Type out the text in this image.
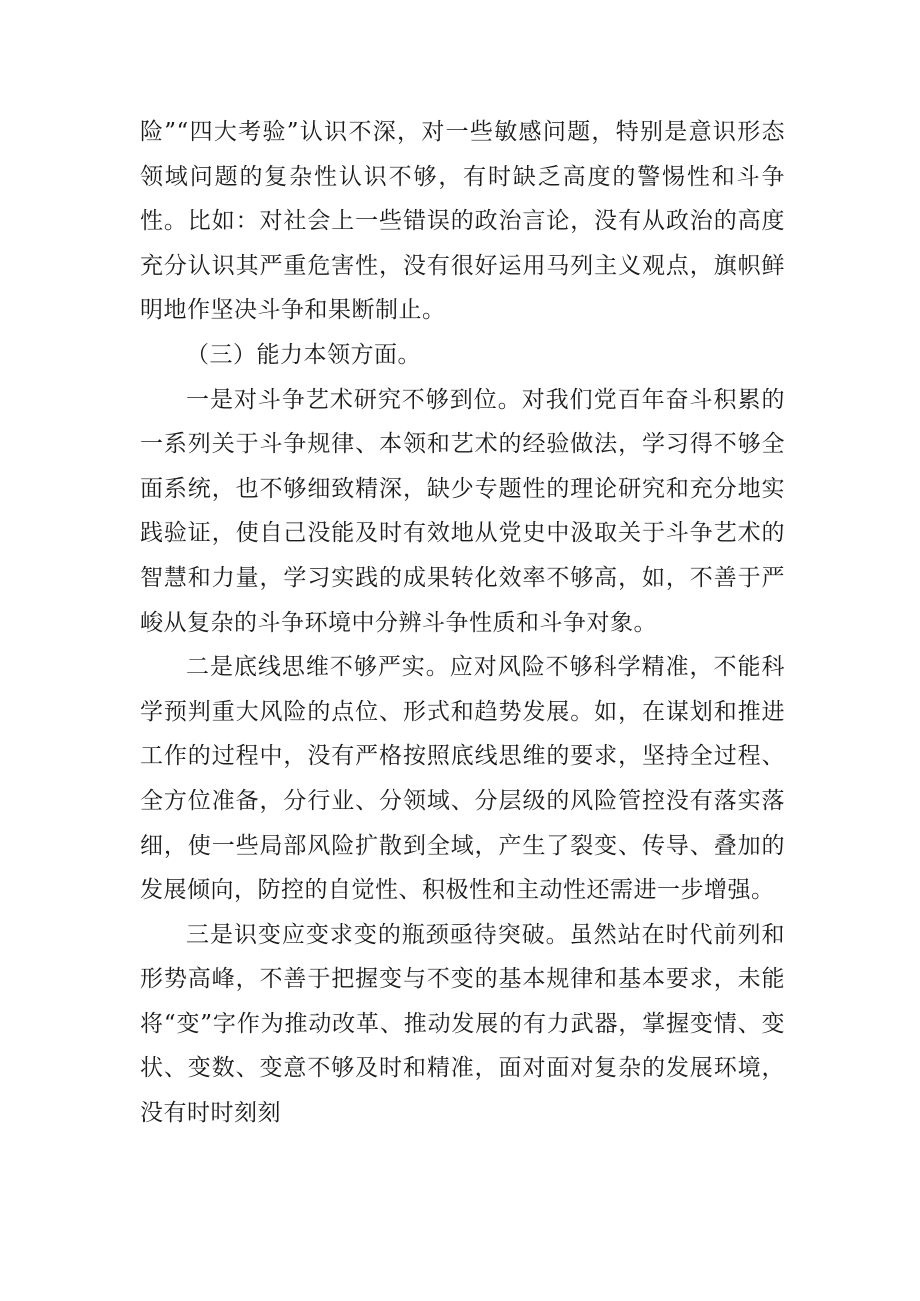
险”“四大考验”认识不深，对一些敏感问题，特别是意识形态领域问题的复杂性认识不够，有时缺乏高度的警惕性和斗争性。比如：对社会上一些错误的政治言论，没有从政治的高度充分认识其严重危害性，没有很好运用马列主义观点，旗帜鲜明地作坚决斗争和果断制止。

（三）能力本领方面。

一是对斗争艺术研究不够到位。对我们党百年奋斗积累的一系列关于斗争规律、本领和艺术的经验做法，学习得不够全面系统，也不够细致精深，缺少专题性的理论研究和充分地实践验证，使自己没能及时有效地从党史中汲取关于斗争艺术的智慧和力量，学习实践的成果转化效率不够高，如，不善于严峻从复杂的斗争环境中分辨斗争性质和斗争对象。

二是底线思维不够严实。应对风险不够科学精准，不能科学预判重大风险的点位、形式和趋势发展。如，在谋划和推进工作的过程中，没有严格按照底线思维的要求，坚持全过程、全方位准备，分行业、分领域、分层级的风险管控没有落实落细，使一些局部风险扩散到全域，产生了裂变、传导、叠加的发展倾向，防控的自觉性、积极性和主动性还需进一步增强。

三是识变应变求变的瓶颈亟待突破。虽然站在时代前列和形势高峰，不善于把握变与不变的基本规律和基本要求，未能将“变”字作为推动改革、推动发展的有力武器，掌握变情、变状、变数、变意不够及时和精准，面对面对复杂的发展环境，没有时时刻刻
